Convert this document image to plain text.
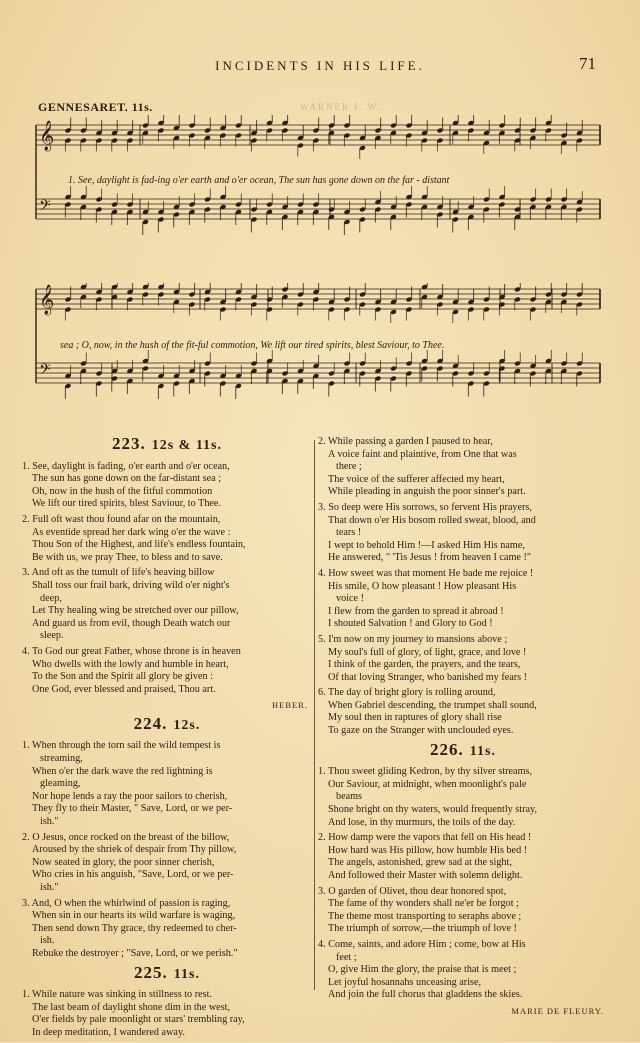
INCIDENTS IN HIS LIFE.	71
GENNESARET. 11s.	WARNER I. W.
𝄞
𝄢
1. See, daylight is fad-ing o'er earth and o'er ocean, The sun has gone down on the far - distant
𝄞
𝄢
sea ; O, now, in the hush of the fit-ful commotion, We lift our tired spirits, blest Saviour, to Thee.
223. 12s & 11s.
1. See, daylight is fading, o'er earth and o'er ocean,
The sun has gone down on the far-distant sea ;
Oh, now in the hush of the fitful commotion
We lift our tired spirits, blest Saviour, to Thee.
2. Full oft wast thou found afar on the mountain,
As eventide spread her dark wing o'er the wave :
Thou Son of the Highest, and life's endless fountain,
Be with us, we pray Thee, to bless and to save.
3. And oft as the tumult of life's heaving billow
Shall toss our frail bark, driving wild o'er night's
deep,
Let Thy healing wing be stretched over our pillow,
And guard us from evil, though Death watch our
sleep.
4. To God our great Father, whose throne is in heaven
Who dwells with the lowly and humble in heart,
To the Son and the Spirit all glory be given :
One God, ever blessed and praised, Thou art.
HEBER.
224. 12s.
1. When through the torn sail the wild tempest is
streaming,
When o'er the dark wave the red lightning is
gleaming,
Nor hope lends a ray the poor sailors to cherish,
They fly to their Master, " Save, Lord, or we per-
ish."
2. O Jesus, once rocked on the breast of the billow,
Aroused by the shriek of despair from Thy pillow,
Now seated in glory, the poor sinner cherish,
Who cries in his anguish, "Save, Lord, or we per-
ish."
3. And, O when the whirlwind of passion is raging,
When sin in our hearts its wild warfare is waging,
Then send down Thy grace, thy redeemed to cher-
ish.
Rebuke the destroyer ; "Save, Lord, or we perish."
225. 11s.
1. While nature was sinking in stillness to rest.
The last beam of daylight shone dim in the west,
O'er fields by pale moonlight or stars' trembling ray,
In deep meditation, I wandered away.
2. While passing a garden I paused to hear,
A voice faint and plaintive, from One that was
there ;
The voice of the sufferer affected my heart,
While pleading in anguish the poor sinner's part.
3. So deep were His sorrows, so fervent His prayers,
That down o'er His bosom rolled sweat, blood, and
tears !
I wept to behold Him !—I asked Him His name,
He answered, " 'Tis Jesus ! from heaven I came !"
4. How sweet was that moment He bade me rejoice !
His smile, O how pleasant ! How pleasant His
voice !
I flew from the garden to spread it abroad !
I shouted Salvation ! and Glory to God !
5. I'm now on my journey to mansions above ;
My soul's full of glory, of light, grace, and love !
I think of the garden, the prayers, and the tears,
Of that loving Stranger, who banished my fears !
6. The day of bright glory is rolling around,
When Gabriel descending, the trumpet shall sound,
My soul then in raptures of glory shall rise
To gaze on the Stranger with unclouded eyes.
226. 11s.
1. Thou sweet gliding Kedron, by thy silver streams,
Our Saviour, at midnight, when moonlight's pale
beams
Shone bright on thy waters, would frequently stray,
And lose, in thy murmurs, the toils of the day.
2. How damp were the vapors that fell on His head !
How hard was His pillow, how humble His bed !
The angels, astonished, grew sad at the sight,
And followed their Master with solemn delight.
3. O garden of Olivet, thou dear honored spot,
The fame of thy wonders shall ne'er be forgot ;
The theme most transporting to seraphs above ;
The triumph of sorrow,—the triumph of love !
4. Come, saints, and adore Him ; come, bow at His
feet ;
O, give Him the glory, the praise that is meet ;
Let joyful hosannahs unceasing arise,
And join the full chorus that gladdens the skies.
MARIE DE FLEURY.
